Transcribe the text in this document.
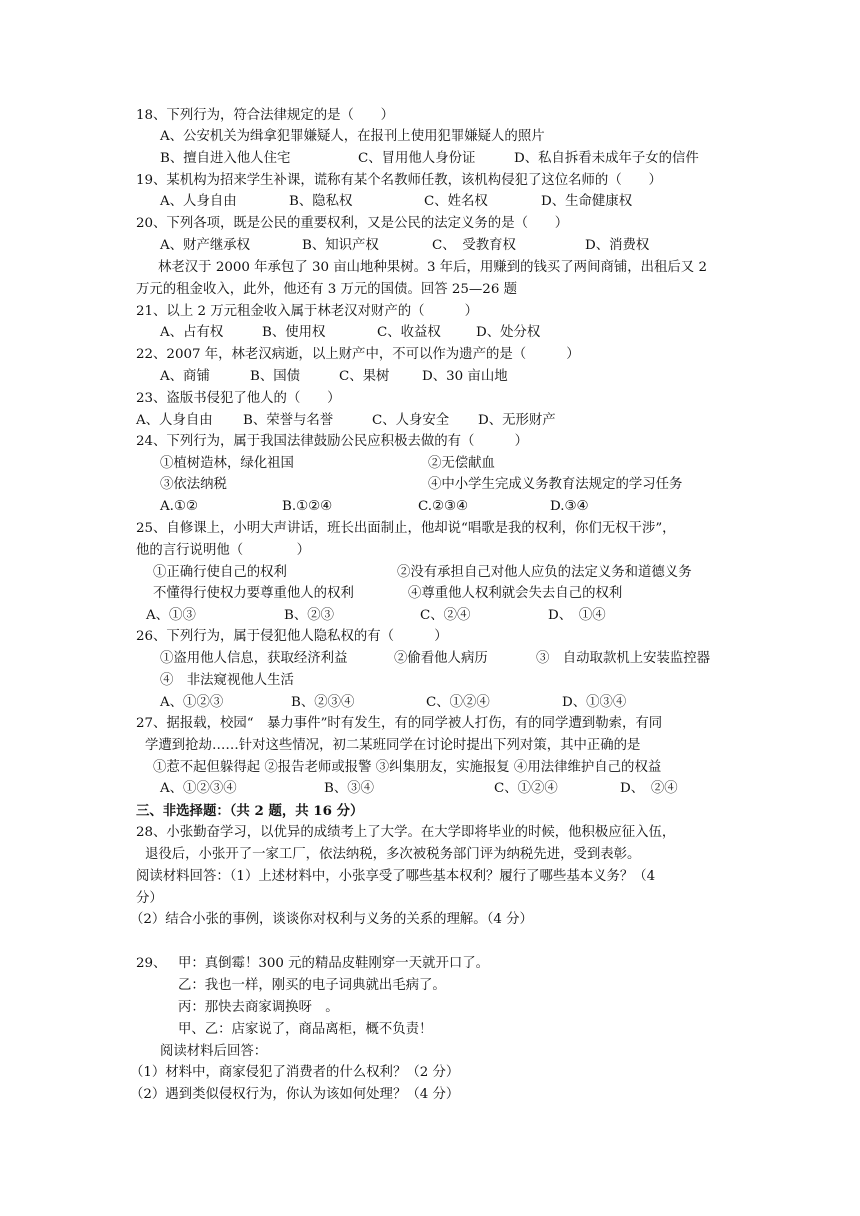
18、下列行为，符合法律规定的是（　　）
A、公安机关为缉拿犯罪嫌疑人，在报刊上使用犯罪嫌疑人的照片
B、擅自进入他人住宅	C、冒用他人身份证	D、私自拆看未成年子女的信件
19、某机构为招来学生补课，谎称有某个名教师任教，该机构侵犯了这位名师的（　　）
A、人身自由	B、隐私权	C、姓名权	D、生命健康权
20、下列各项，既是公民的重要权利，又是公民的法定义务的是（　　）
A、财产继承权	B、知识产权	C、　受教育权	D、消费权
林老汉于 2000 年承包了 30 亩山地种果树。3 年后，用赚到的钱买了两间商铺，出租后又 2
万元的租金收入，此外，他还有 3 万元的国债。回答 25—26 题
21、以上 2 万元租金收入属于林老汉对财产的（　　　）
A、占有权	B、使用权	C、收益权	D、处分权
22、2007 年，林老汉病逝，以上财产中，不可以作为遗产的是（　　　）
A、商铺	B、国债	C、果树 D、30 亩山地
23、盗版书侵犯了他人的（　　）
A、人身自由 B、荣誉与名誉	C、人身安全 D、无形财产
24、下列行为，属于我国法律鼓励公民应积极去做的有（　　　）
①植树造林，绿化祖国	②无偿献血
③依法纳税	④中小学生完成义务教育法规定的学习任务
A.①②	B.①②④	C.②③④	D.③④
25、自修课上，小明大声讲话，班长出面制止，他却说“唱歌是我的权利，你们无权干涉”，
他的言行说明他（　　　　）
①正确行使自己的权利	②没有承担自己对他人应负的法定义务和道德义务
不懂得行使权力要尊重他人的权利	④尊重他人权利就会失去自己的权利
A、①③	B、②③	C、②④	D、　①④
26、下列行为，属于侵犯他人隐私权的有（　　　）
①盗用他人信息，获取经济利益	②偷看他人病历	③　自动取款机上安装监控器
④　非法窥视他人生活
A、①②③	B、②③④	C、①②④	D、①③④
27、据报载，校园“　暴力事件”时有发生，有的同学被人打伤，有的同学遭到勒索，有同
学遭到抢劫……针对这些情况，初二某班同学在讨论时提出下列对策，其中正确的是
①惹不起但躲得起 ②报告老师或报警 ③纠集朋友，实施报复 ④用法律维护自己的权益
A、①②③④	B、③④	C、①②④	D、　②④
三、非选择题：（共 2 题，共 16 分）
28、小张勤奋学习，以优异的成绩考上了大学。在大学即将毕业的时候，他积极应征入伍，
退役后，小张开了一家工厂，依法纳税，多次被税务部门评为纳税先进，受到表彰。
阅读材料回答：（1）上述材料中，小张享受了哪些基本权利？履行了哪些基本义务？（4
分）
（2）结合小张的事例，谈谈你对权利与义务的关系的理解。（4 分）
29、 甲：真倒霉！300 元的精品皮鞋刚穿一天就开口了。
乙：我也一样，刚买的电子词典就出毛病了。
丙：那快去商家调换呀　。
甲、乙：店家说了，商品离柜，概不负责！
阅读材料后回答：
（1）材料中，商家侵犯了消费者的什么权利？（2 分）
（2）遇到类似侵权行为，你认为该如何处理？（4 分）
